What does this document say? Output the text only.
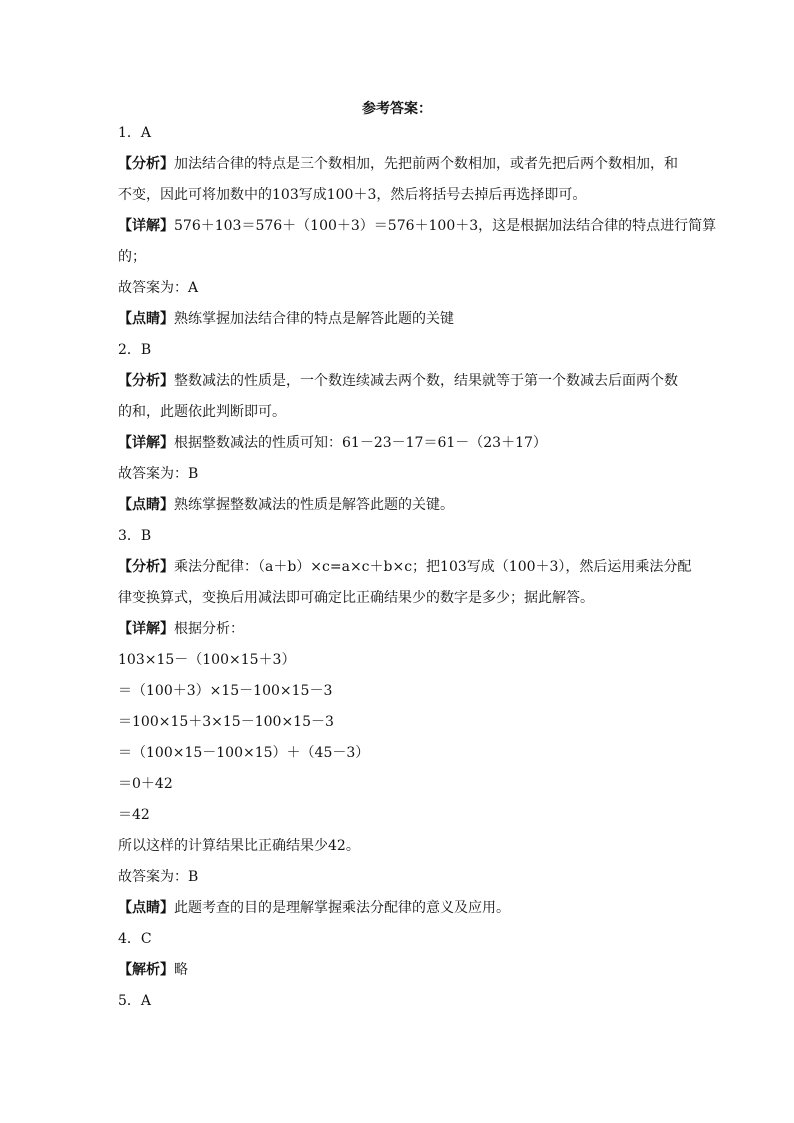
参考答案：
1．A
【分析】加法结合律的特点是三个数相加，先把前两个数相加，或者先把后两个数相加，和
不变，因此可将加数中的103写成100＋3，然后将括号去掉后再选择即可。
【详解】576＋103＝576＋（100＋3）＝576＋100＋3，这是根据加法结合律的特点进行简算
的；
故答案为：A
【点睛】熟练掌握加法结合律的特点是解答此题的关键
2．B
【分析】整数减法的性质是，一个数连续减去两个数，结果就等于第一个数减去后面两个数
的和，此题依此判断即可。
【详解】根据整数减法的性质可知：61－23－17＝61－（23＋17）
故答案为：B
【点睛】熟练掌握整数减法的性质是解答此题的关键。
3．B
【分析】乘法分配律：（a＋b）×c=a×c＋b×c；把103写成（100＋3），然后运用乘法分配
律变换算式，变换后用减法即可确定比正确结果少的数字是多少；据此解答。
【详解】根据分析：
103×15－（100×15＋3）
＝（100＋3）×15－100×15－3
＝100×15＋3×15－100×15－3
＝（100×15－100×15）＋（45－3）
＝0＋42
＝42
所以这样的计算结果比正确结果少42。
故答案为：B
【点睛】此题考查的目的是理解掌握乘法分配律的意义及应用。
4．C
【解析】略
5．A
